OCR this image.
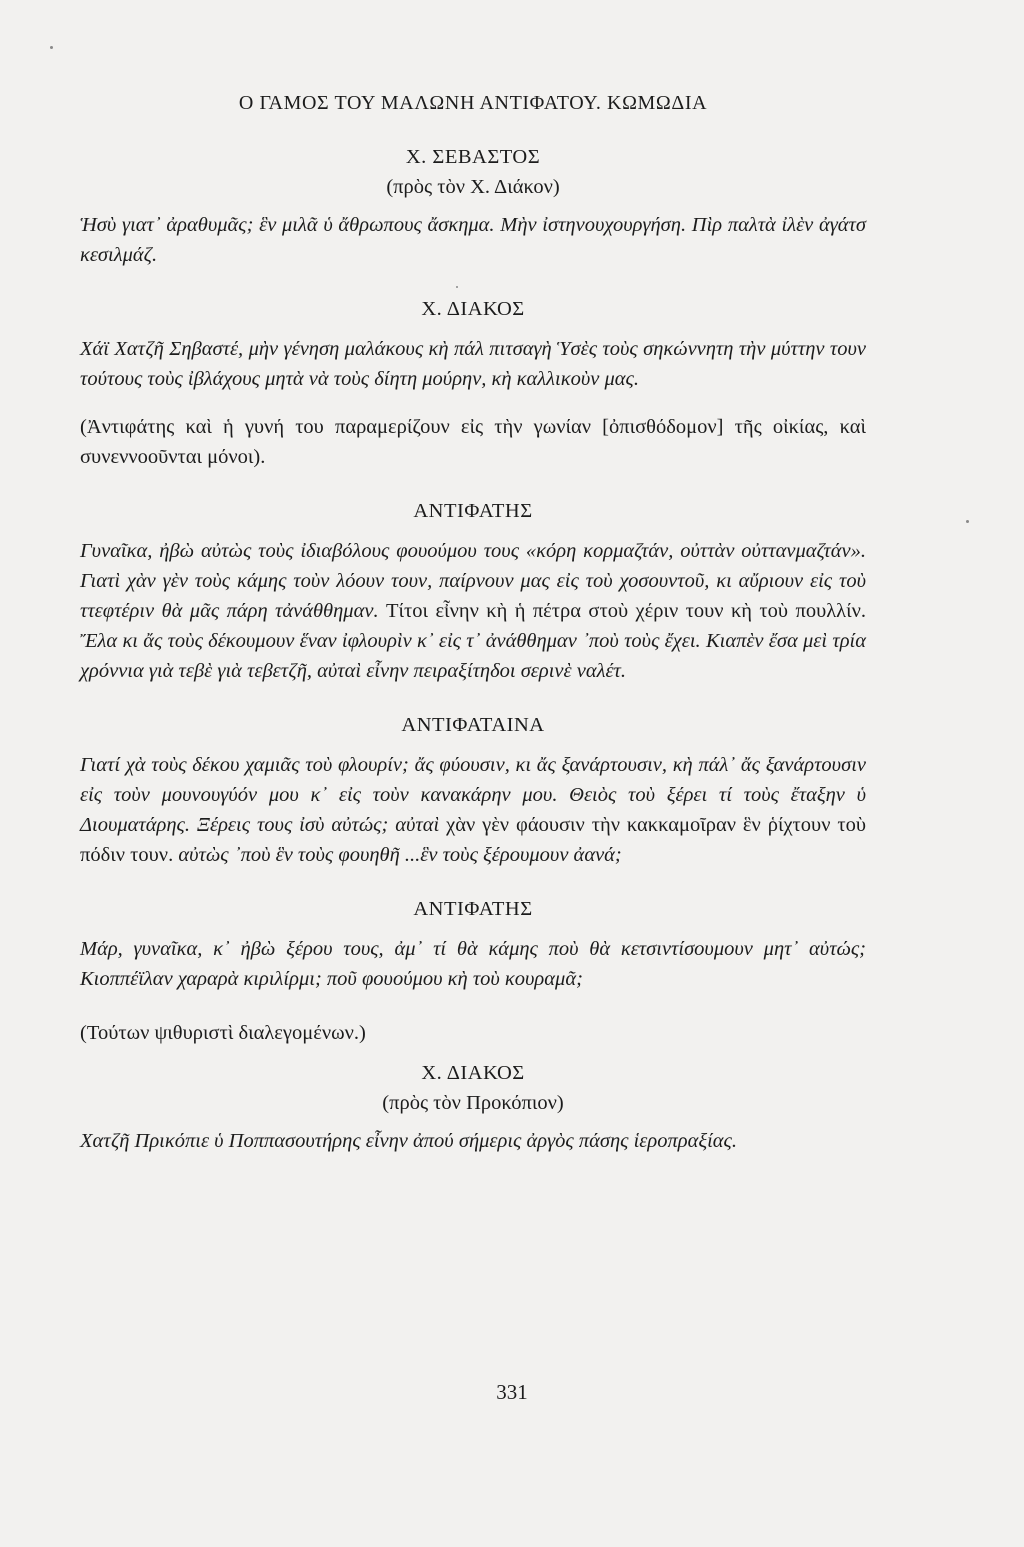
Ο ΓΑΜΟΣ ΤΟΥ ΜΑΛΩΝΗ ΑΝΤΙΦΑΤΟΥ. ΚΩΜΩΔΙΑ

Χ. ΣΕΒΑΣΤΟΣ

(πρὸς τὸν Χ. Διάκον)

Ἡσὺ γιατ᾽ ἀραθυμᾶς; ἓν μιλᾶ ὑ ἄθρωπους ἄσκημα. Μὴν ἰστηνουχουργήση. Πὶρ παλτὰ ἰλὲν ἀγάτσ κεσιλμάζ.

Χ. ΔΙΑΚΟΣ

Χάϊ Χατζῆ Σηβαστέ, μὴν γένηση μαλάκους κὴ πάλ πιτσαγὴ Ὑσὲς τοὺς σηκώνvητη τὴν μύττην τουν τούτους τοὺς ἰβλάχους μητὰ νὰ τοὺς δίητη μούρην, κὴ καλλικοὺν μας.

(Ἀντιφάτης καὶ ἡ γυνή του παραμερίζουν εἰς τὴν γωνίαν [ὀπισθόδομον] τῆς οἰκίας, καὶ συνεννοοῦνται μόνοι).

ΑΝΤΙΦΑΤΗΣ

Γυναῖκα, ἠβὼ αὐτὼς τοὺς ἰδιαβόλους φουούμου τους «κόρη κορμαζτάν, οὐττὰν οὐττανμαζτάν». Γιατὶ χὰν γὲν τοὺς κάμης τοὺν λόουν τουν, παίρνουν μας εἰς τοὺ χοσουντοῦ, κι αὔριουν εἰς τοὺ ττεφτέριν θὰ μᾶς πάρη τἀνάθθημαν. Τίτοι εἶνην κὴ ἡ πέτρα στοὺ χέριν τουν κὴ τοὺ πουλλίν. Ἔλα κι ἄς τοὺς δέκουμουν ἕναν ἰφλουρὶν κ᾽ εἰς τ᾽ ἀνάθθημαν ᾽ποὺ τοὺς ἔχει. Κιαπὲν ἔσα μεὶ τρία χρόννια γιὰ τεβὲ γιὰ τεβετζῆ, αὐταὶ εἶνην πειραξίτηδοι σερινὲ ναλέτ.

ΑΝΤΙΦΑΤΑΙΝΑ

Γιατί χὰ τοὺς δέκου χαμιᾶς τοὺ φλουρίν; ἄς φύουσιν, κι ἄς ξανάρτουσιν, κὴ πάλ᾽ ἄς ξανάρτουσιν εἰς τοὺν μουνουγύόν μου κ᾽ εἰς τοὺν κανακάρην μου. Θειὸς τοὺ ξέρει τί τοὺς ἔταξην ὑ Διουματάρης. Ξέρεις τους ἰσὺ αὐτώς; αὐταὶ χὰν γὲν φάουσιν τὴν κακκαμοῖραν ἓν ῥίχτουν τοὺ πόδιν τουν. αὐτὼς ᾽ποὺ ἓν τοὺς φουηθῆ ...ἓν τοὺς ξέρουμουν ἀανά;

ΑΝΤΙΦΑΤΗΣ

Μάρ, γυναῖκα, κ᾽ ἠβὼ ξέρου τους, ἀμ᾽ τί θὰ κάμης ποὺ θὰ κετσιντίσουμουν μητ᾽ αὐτώς; Κιοππέϊλαν χαραρὰ κιριλίρμι; ποῦ φουούμου κὴ τοὺ κουραμᾶ;

(Τούτων ψιθυριστὶ διαλεγομένων.)

Χ. ΔΙΑΚΟΣ

(πρὸς τὸν Προκόπιον)

Χατζῆ Πρικόπιε ὑ Ποππασουτήρης εἶνην ἀπού σήμερις ἀργὸς πάσης ἱεροπραξίας.

331
